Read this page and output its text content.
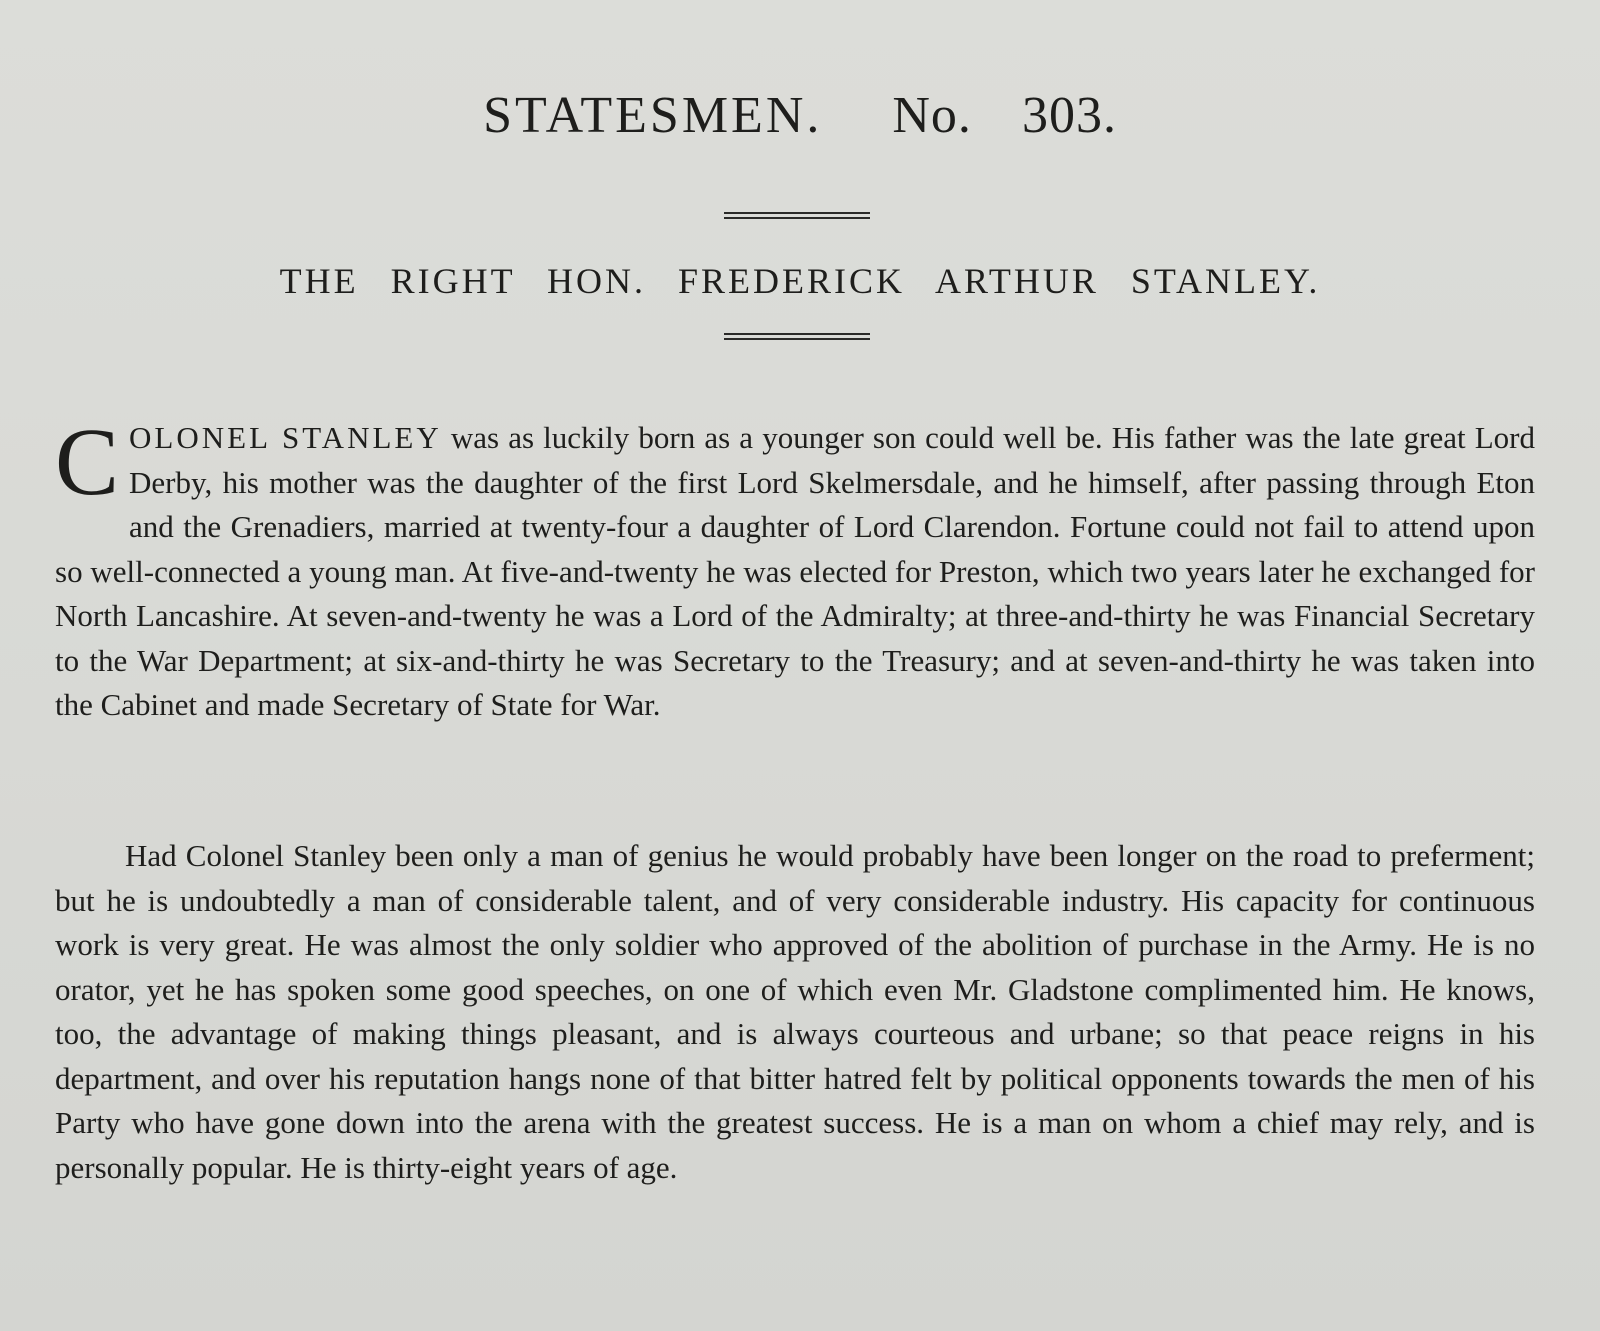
STATESMEN. No. 303.
THE RIGHT HON. FREDERICK ARTHUR STANLEY.
COLONEL STANLEY was as luckily born as a younger son could well be. His father was the late great Lord Derby, his mother was the daughter of the first Lord Skelmersdale, and he himself, after passing through Eton and the Grenadiers, married at twenty-four a daughter of Lord Clarendon. Fortune could not fail to attend upon so well-connected a young man. At five-and-twenty he was elected for Preston, which two years later he exchanged for North Lancashire. At seven-and-twenty he was a Lord of the Admiralty; at three-and-thirty he was Financial Secretary to the War Department; at six-and-thirty he was Secretary to the Treasury; and at seven-and-thirty he was taken into the Cabinet and made Secretary of State for War.
Had Colonel Stanley been only a man of genius he would probably have been longer on the road to preferment; but he is undoubtedly a man of considerable talent, and of very considerable industry. His capacity for continuous work is very great. He was almost the only soldier who approved of the abolition of purchase in the Army. He is no orator, yet he has spoken some good speeches, on one of which even Mr. Gladstone complimented him. He knows, too, the advantage of making things pleasant, and is always courteous and urbane; so that peace reigns in his department, and over his reputation hangs none of that bitter hatred felt by political opponents towards the men of his Party who have gone down into the arena with the greatest success. He is a man on whom a chief may rely, and is personally popular. He is thirty-eight years of age.
